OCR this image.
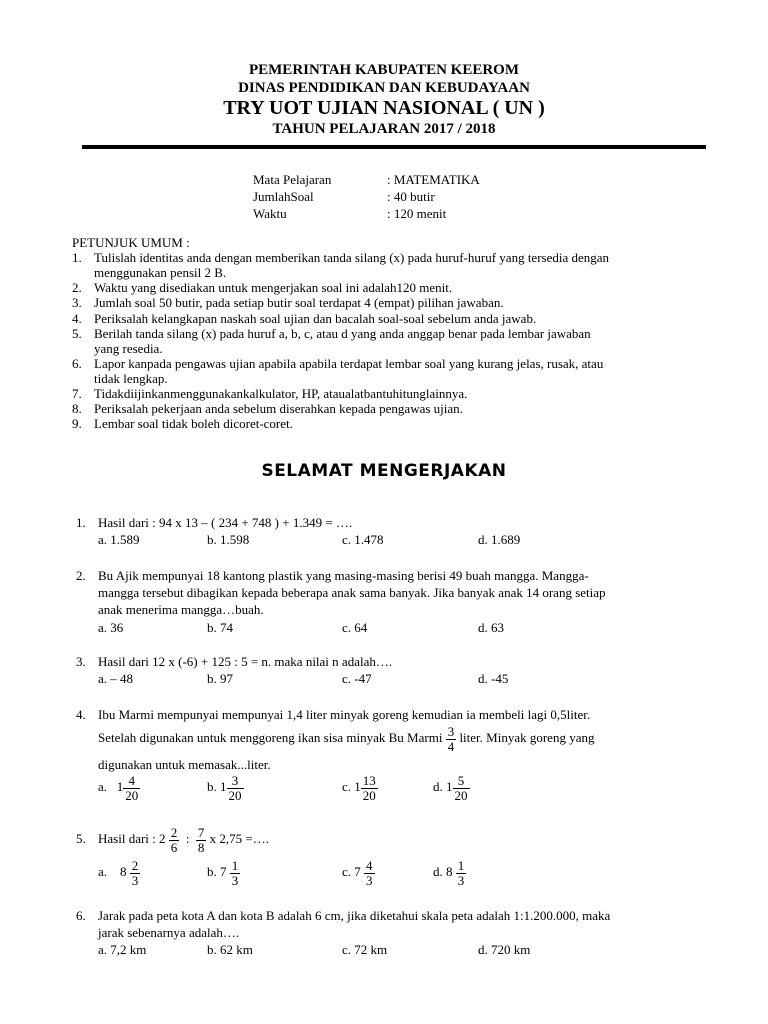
PEMERINTAH KABUPATEN KEEROM
DINAS PENDIDIKAN DAN KEBUDAYAAN
TRY UOT UJIAN NASIONAL ( UN )
TAHUN PELAJARAN 2017 / 2018
Mata Pelajaran	: MATEMATIKA
JumlahSoal	: 40 butir
Waktu	: 120 menit
PETUNJUK UMUM :
1. Tulislah identitas anda dengan memberikan tanda silang (x) pada huruf-huruf yang tersedia dengan
menggunakan pensil 2 B.
2. Waktu yang disediakan untuk mengerjakan soal ini adalah120 menit.
3. Jumlah soal 50 butir, pada setiap butir soal terdapat 4 (empat) pilihan jawaban.
4. Periksalah kelangkapan naskah soal ujian dan bacalah soal-soal sebelum anda jawab.
5. Berilah tanda silang (x) pada huruf a, b, c, atau d yang anda anggap benar pada lembar jawaban
yang resedia.
6. Lapor kanpada pengawas ujian apabila apabila terdapat lembar soal yang kurang jelas, rusak, atau
tidak lengkap.
7. Tidakdiijinkanmenggunakankalkulator, HP, ataualatbantuhitunglainnya.
8. Periksalah pekerjaan anda sebelum diserahkan kepada pengawas ujian.
9. Lembar soal tidak boleh dicoret-coret.
SELAMAT MENGERJAKAN
1. Hasil dari : 94 x 13 – ( 234 + 748 ) + 1.349 = ….
a. 1.589	b. 1.598	c. 1.478	d. 1.689
2. Bu Ajik mempunyai 18 kantong plastik yang masing-masing berisi 49 buah mangga. Mangga-
mangga tersebut dibagikan kepada beberapa anak sama banyak. Jika banyak anak 14 orang setiap
anak menerima mangga…buah.
a. 36	b. 74	c. 64	d. 63
3. Hasil dari 12 x (-6) + 125 : 5 = n. maka nilai n adalah….
a. – 48	b. 97	c. -47	d. -45
4. Ibu Marmi mempunyai mempunyai 1,4 liter minyak goreng kemudian ia membeli lagi 0,5liter.
Setelah digunakan untuk menggoreng ikan sisa minyak Bu Marmi $\frac{3}{4}$ liter. Minyak goreng yang
digunakan untuk memasak...liter.
a. $1 \frac{4}{20}$	b. $1 \frac{3}{20}$	c. $1 \frac{13}{20}$	d. $1 \frac{5}{20}$
5. Hasil dari : $2 \frac{2}{6}$ : $\frac{7}{8}$ x 2,75 =….
a. $8 \frac{2}{3}$	b. $7 \frac{1}{3}$	c. $7 \frac{4}{3}$	d. $8 \frac{1}{3}$
6. Jarak pada peta kota A dan kota B adalah 6 cm, jika diketahui skala peta adalah 1:1.200.000, maka
jarak sebenarnya adalah….
a. 7,2 km	b. 62 km	c. 72 km	d. 720 km
